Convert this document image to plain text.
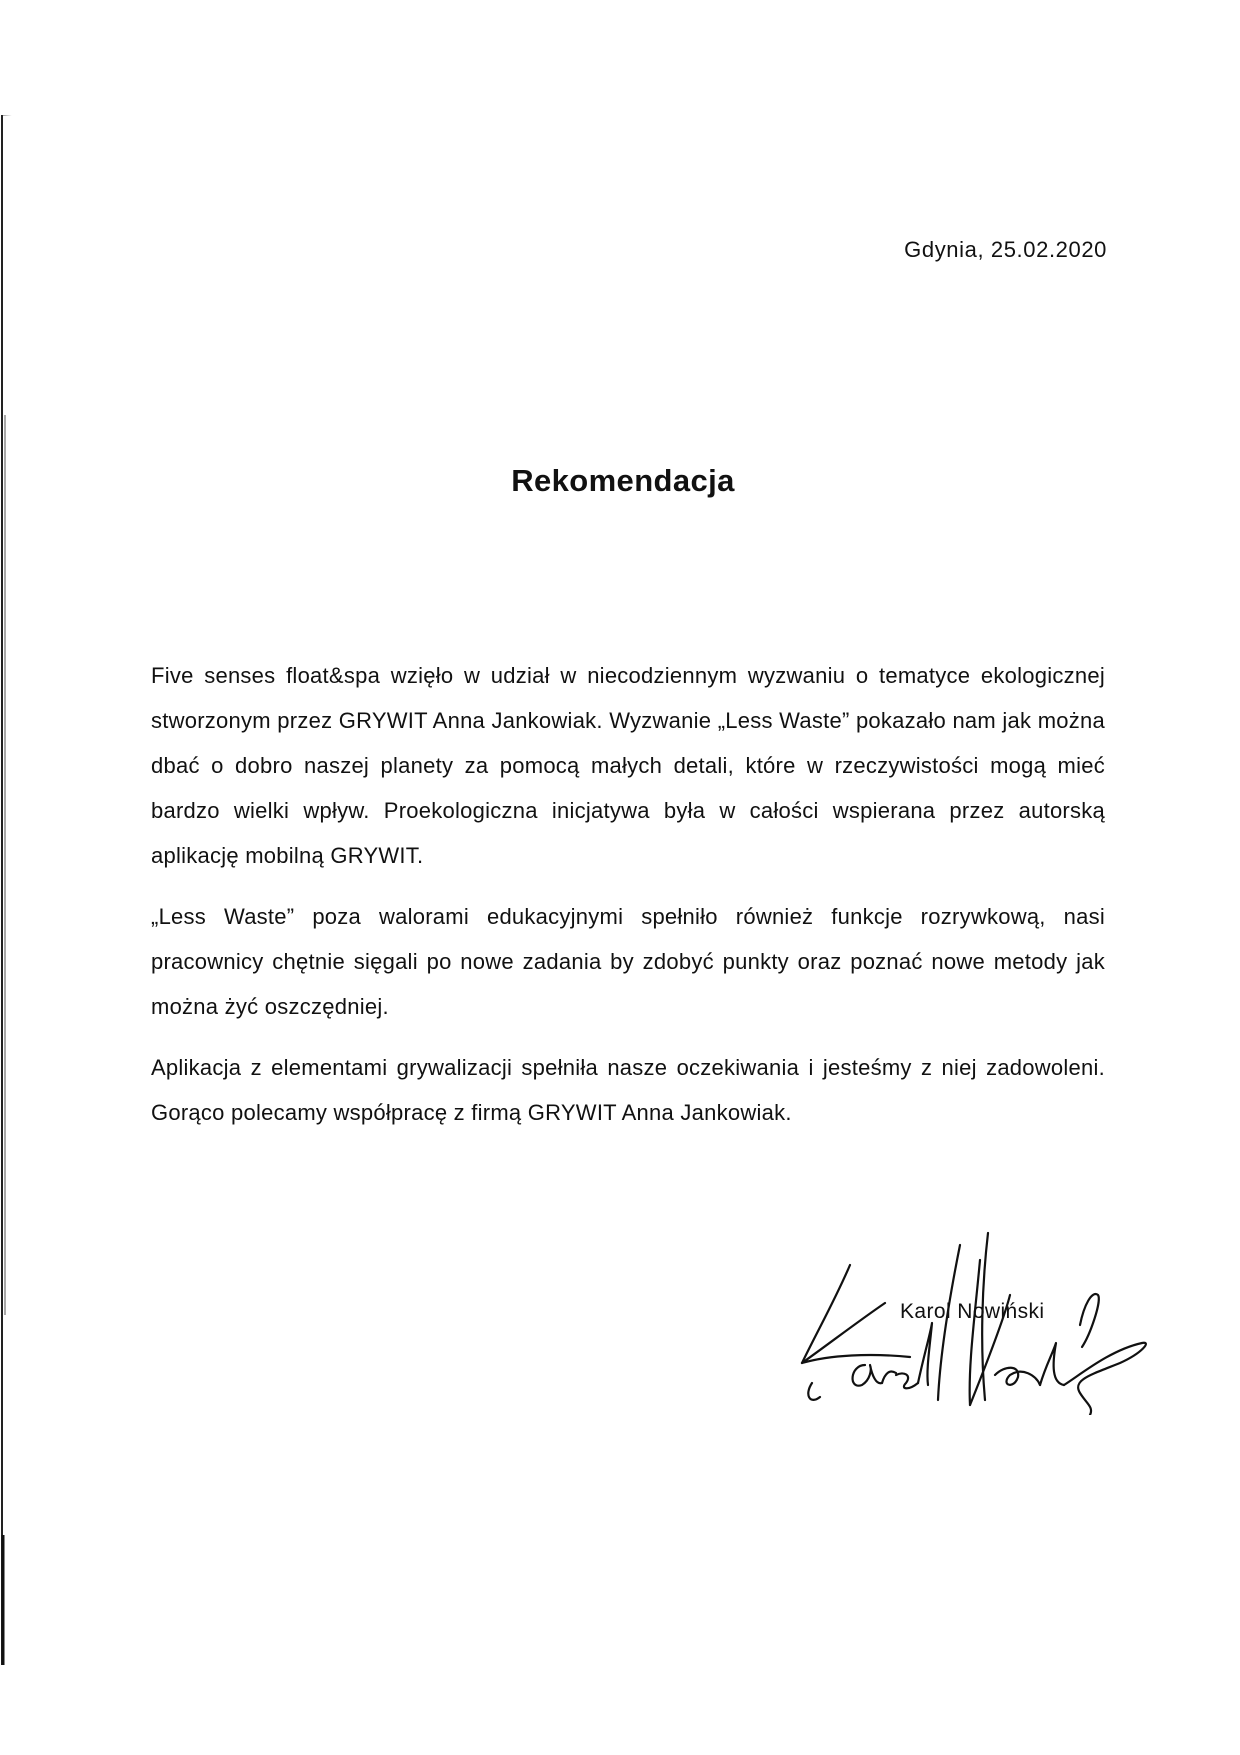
Gdynia, 25.02.2020
Rekomendacja

Five senses float&spa wzięło w udział w niecodziennym wyzwaniu o tematyce ekologicznej stworzonym przez GRYWIT Anna Jankowiak. Wyzwanie „Less Waste” pokazało nam jak można dbać o dobro naszej planety za pomocą małych detali, które w rzeczywistości mogą mieć bardzo wielki wpływ. Proekologiczna inicjatywa była w całości wspierana przez autorską aplikację mobilną GRYWIT.

„Less Waste” poza walorami edukacyjnymi spełniło również funkcje rozrywkową, nasi pracownicy chętnie sięgali po nowe zadania by zdobyć punkty oraz poznać nowe metody jak można żyć oszczędniej.

Aplikacja z elementami grywalizacji spełniła nasze oczekiwania i jesteśmy z niej zadowoleni. Gorąco polecamy współpracę z firmą GRYWIT Anna Jankowiak.

Karol Nowiński
